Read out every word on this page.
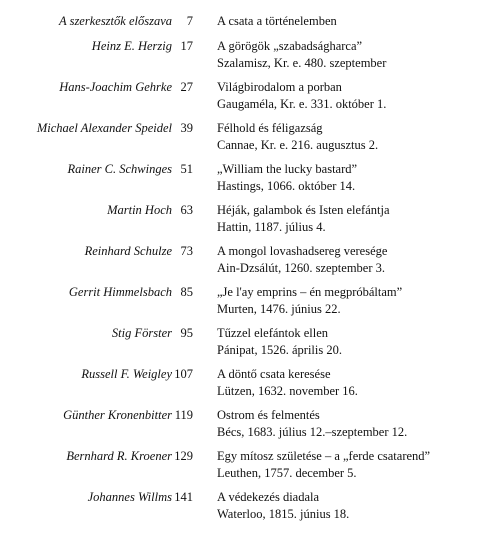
A szerkesztők előszava	7 A csata a történelemben
Heinz E. Herzig 17 A görögök „szabadságharca”
Szalamisz, Kr. e. 480. szeptember
Hans-Joachim Gehrke 27 Világbirodalom a porban
Gaugaméla, Kr. e. 331. október 1.
Michael Alexander Speidel 39 Félhold és féligazság
Cannae, Kr. e. 216. augusztus 2.
Rainer C. Schwinges 51 „William the lucky bastard”
Hastings, 1066. október 14.
Martin Hoch 63 Héják, galambok és Isten elefántja
Hattin, 1187. július 4.
Reinhard Schulze 73 A mongol lovashadsereg veresége
Ain-Dzsálút, 1260. szeptember 3.
Gerrit Himmelsbach 85 „Je l'ay emprins – én megpróbáltam”
Murten, 1476. június 22.
Stig Förster 95 Tűzzel elefántok ellen
Pánipat, 1526. április 20.
Russell F. Weigley 107 A döntő csata keresése
Lützen, 1632. november 16.
Günther Kronenbitter 119 Ostrom és felmentés
Bécs, 1683. július 12.–szeptember 12.
Bernhard R. Kroener 129 Egy mítosz születése – a „ferde csatarend”
Leuthen, 1757. december 5.
Johannes Willms 141 A védekezés diadala
Waterloo, 1815. június 18.
